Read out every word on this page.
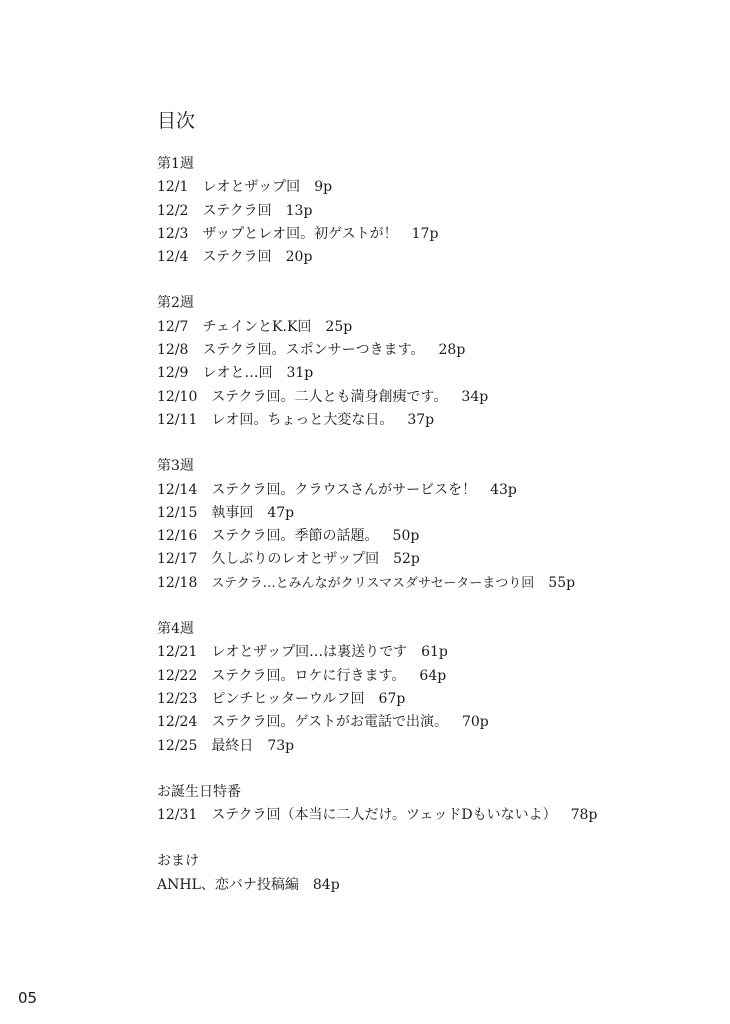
目次
第1週
12/1 レオとザップ回 9p
12/2 ステクラ回 13p
12/3 ザップとレオ回。初ゲストが！ 17p
12/4 ステクラ回 20p
第2週
12/7 チェインとK.K回 25p
12/8 ステクラ回。スポンサーつきます。 28p
12/9 レオと…回 31p
12/10 ステクラ回。二人とも満身創痍です。 34p
12/11 レオ回。ちょっと大変な日。 37p
第3週
12/14 ステクラ回。クラウスさんがサービスを！ 43p
12/15 執事回 47p
12/16 ステクラ回。季節の話題。 50p
12/17 久しぶりのレオとザップ回 52p
12/18 ステクラ…とみんながクリスマスダサセーターまつり回 55p
第4週
12/21 レオとザップ回…は裏送りです 61p
12/22 ステクラ回。ロケに行きます。 64p
12/23 ピンチヒッターウルフ回 67p
12/24 ステクラ回。ゲストがお電話で出演。 70p
12/25 最終日 73p
お誕生日特番
12/31 ステクラ回（本当に二人だけ。ツェッドDもいないよ） 78p
おまけ
ANHL、恋バナ投稿編 84p
05
